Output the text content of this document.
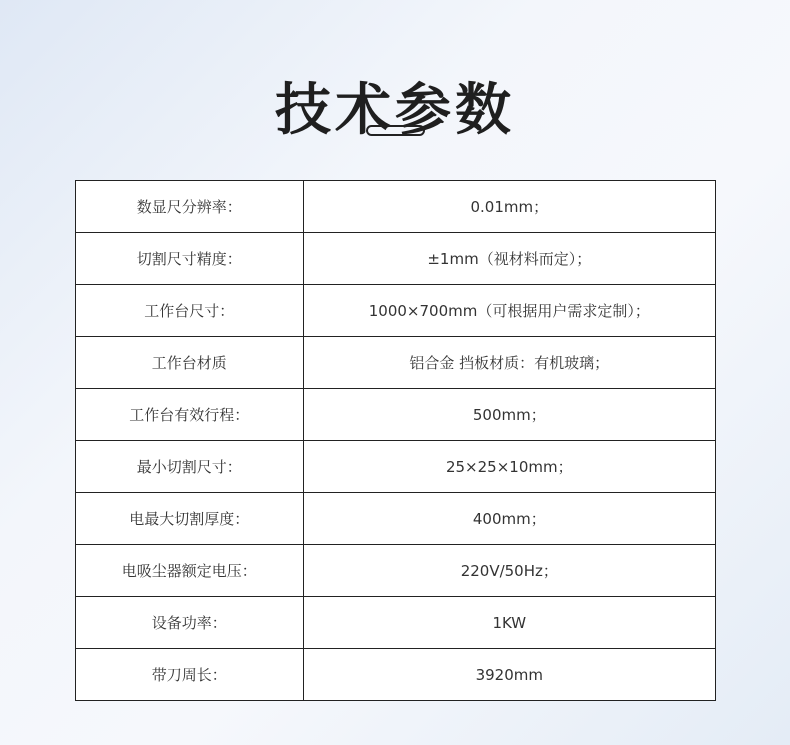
技术参数
数显尺分辨率：	0.01mm；
切割尺寸精度：	±1mm（视材料而定）；
工作台尺寸：	1000×700mm（可根据用户需求定制）；
工作台材质	铝合金 挡板材质：有机玻璃；
工作台有效行程：	500mm；
最小切割尺寸：	25×25×10mm；
电最大切割厚度：	400mm；
电吸尘器额定电压：	220V/50Hz；
设备功率：	1KW
带刀周长：	3920mm
